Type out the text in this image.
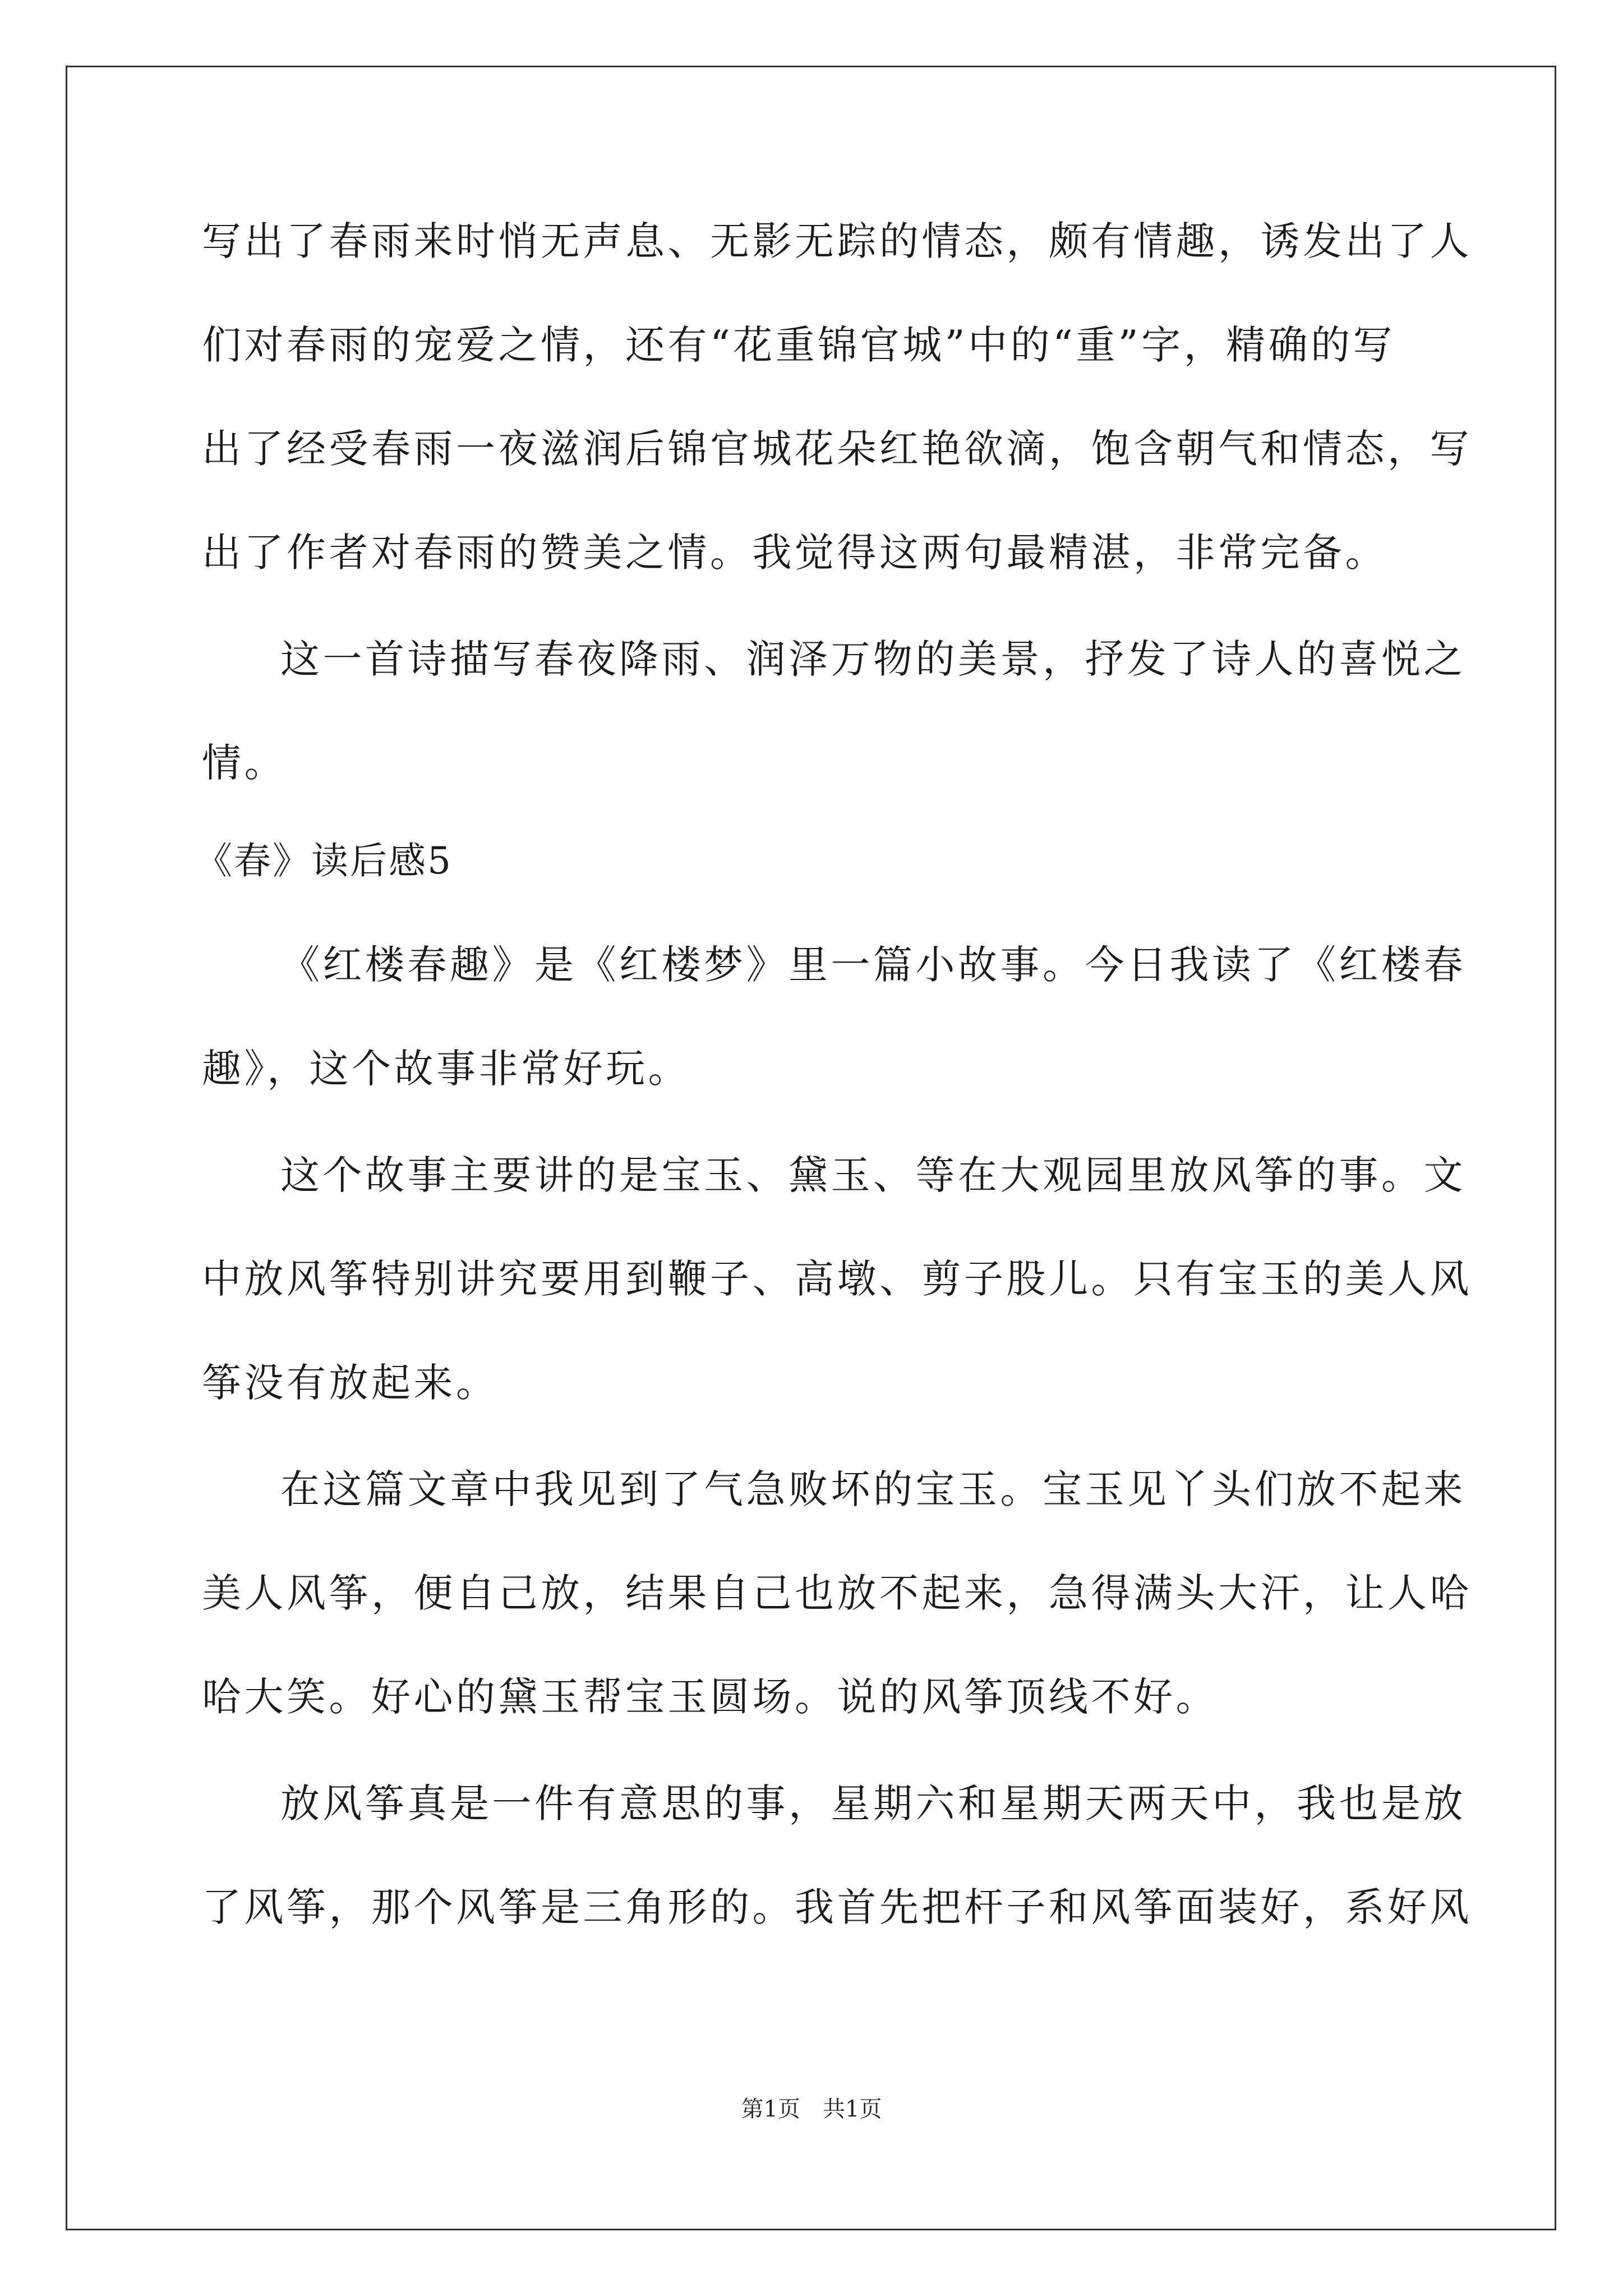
写出了春雨来时悄无声息、无影无踪的情态，颇有情趣，诱发出了人
们对春雨的宠爱之情，还有“花重锦官城”中的“重”字，精确的写
出了经受春雨一夜滋润后锦官城花朵红艳欲滴，饱含朝气和情态，写
出了作者对春雨的赞美之情。我觉得这两句最精湛，非常完备。
这一首诗描写春夜降雨、润泽万物的美景，抒发了诗人的喜悦之
情。
《春》读后感5
《红楼春趣》是《红楼梦》里一篇小故事。今日我读了《红楼春
趣》，这个故事非常好玩。
这个故事主要讲的是宝玉、黛玉、等在大观园里放风筝的事。文
中放风筝特别讲究要用到鞭子、高墩、剪子股儿。只有宝玉的美人风
筝没有放起来。
在这篇文章中我见到了气急败坏的宝玉。宝玉见丫头们放不起来
美人风筝，便自己放，结果自己也放不起来，急得满头大汗，让人哈
哈大笑。好心的黛玉帮宝玉圆场。说的风筝顶线不好。
放风筝真是一件有意思的事，星期六和星期天两天中，我也是放
了风筝，那个风筝是三角形的。我首先把杆子和风筝面装好，系好风
第1页　共1页
